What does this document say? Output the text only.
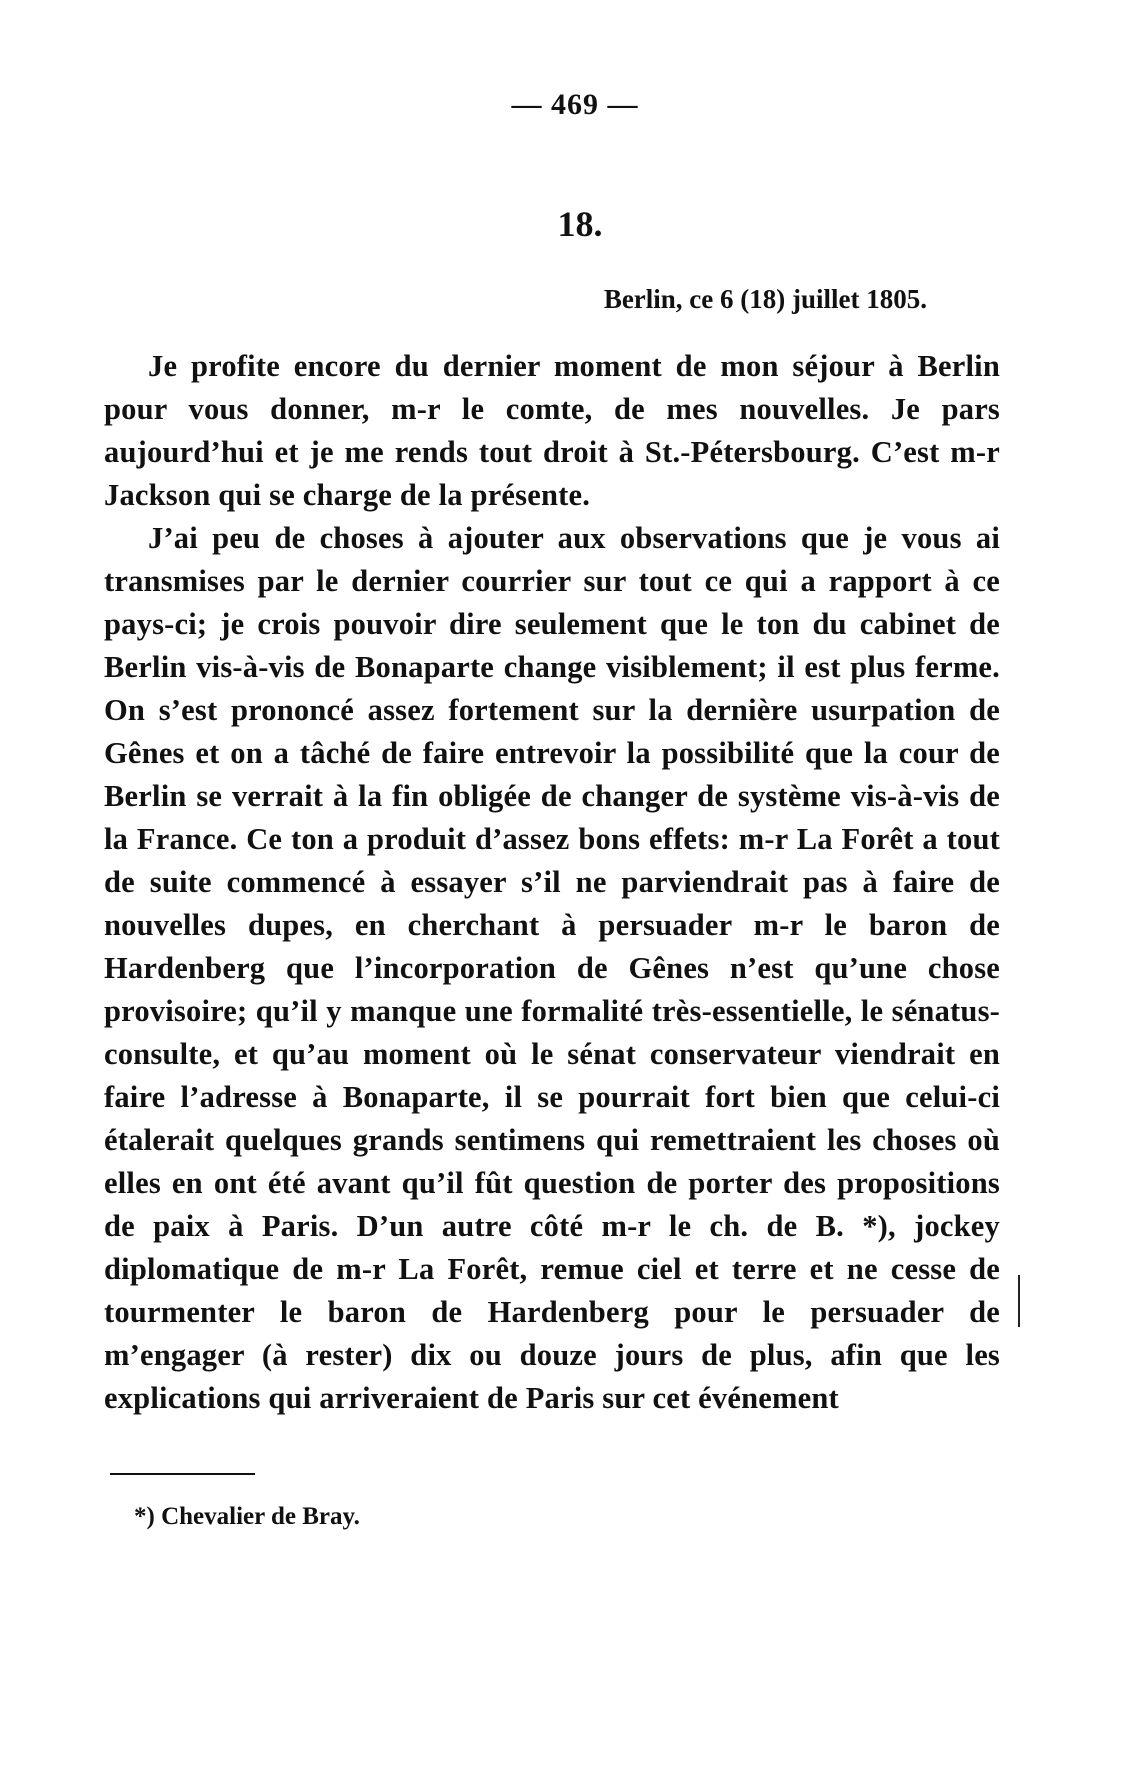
— 469 —
18.
Berlin, ce 6 (18) juillet 1805.

Je profite encore du dernier moment de mon séjour à Berlin pour vous donner, m-r le comte, de mes nouvelles. Je pars aujourd’hui et je me rends tout droit à St.-Pétersbourg. C’est m-r Jackson qui se charge de la présente.

J’ai peu de choses à ajouter aux observations que je vous ai transmises par le dernier courrier sur tout ce qui a rapport à ce pays-ci; je crois pouvoir dire seulement que le ton du cabinet de Berlin vis-à-vis de Bonaparte change visiblement; il est plus ferme. On s’est prononcé assez fortement sur la dernière usurpation de Gênes et on a tâché de faire entrevoir la possibilité que la cour de Berlin se verrait à la fin obligée de changer de système vis-à-vis de la France. Ce ton a produit d’assez bons effets: m-r La Forêt a tout de suite commencé à essayer s’il ne parviendrait pas à faire de nouvelles dupes, en cherchant à persuader m-r le baron de Hardenberg que l’incorporation de Gênes n’est qu’une chose provisoire; qu’il y manque une formalité très-essentielle, le sénatus-consulte, et qu’au moment où le sénat conservateur viendrait en faire l’adresse à Bonaparte, il se pourrait fort bien que celui-ci étalerait quelques grands sentimens qui remettraient les choses où elles en ont été avant qu’il fût question de porter des propositions de paix à Paris. D’un autre côté m-r le ch. de B. *), jockey diplomatique de m-r La Forêt, remue ciel et terre et ne cesse de tourmenter le baron de Hardenberg pour le persuader de m’engager (à rester) dix ou douze jours de plus, afin que les explications qui arriveraient de Paris sur cet événement

*) Chevalier de Bray.
